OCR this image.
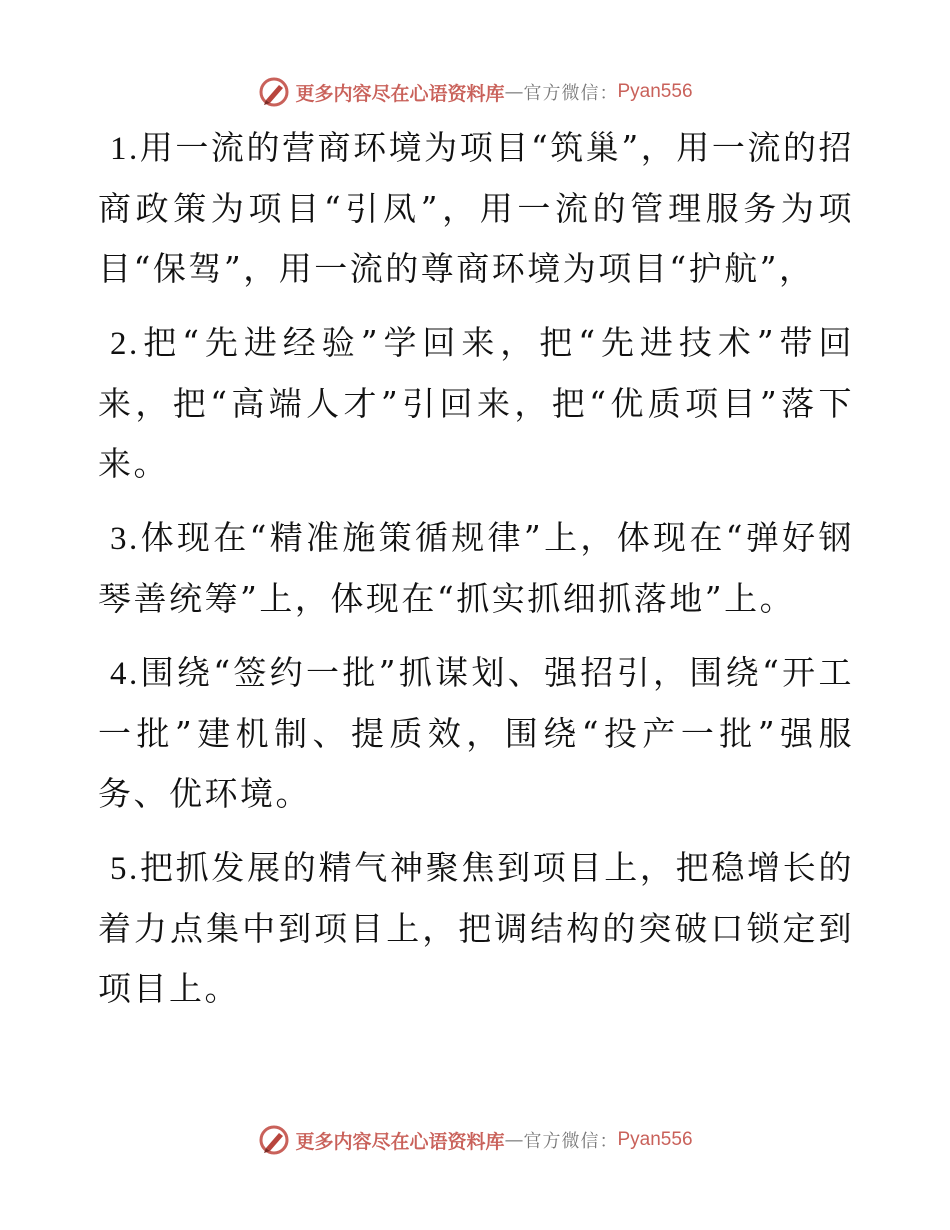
更多内容尽在心语资料库 — 官方微信 ： Pyan556

1.用一流的营商环境为项目“筑巢”，用一流的招商政策为项目“引凤”，用一流的管理服务为项目“保驾”，用一流的尊商环境为项目“护航”，

2.把“先进经验”学回来，把“先进技术”带回来，把“高端人才”引回来，把“优质项目”落下来。

3.体现在“精准施策循规律”上，体现在“弹好钢琴善统筹”上，体现在“抓实抓细抓落地”上。

4.围绕“签约一批”抓谋划、强招引，围绕“开工一批”建机制、提质效，围绕“投产一批”强服务、优环境。

5.把抓发展的精气神聚焦到项目上，把稳增长的着力点集中到项目上，把调结构的突破口锁定到项目上。

更多内容尽在心语资料库 — 官方微信 ： Pyan556
